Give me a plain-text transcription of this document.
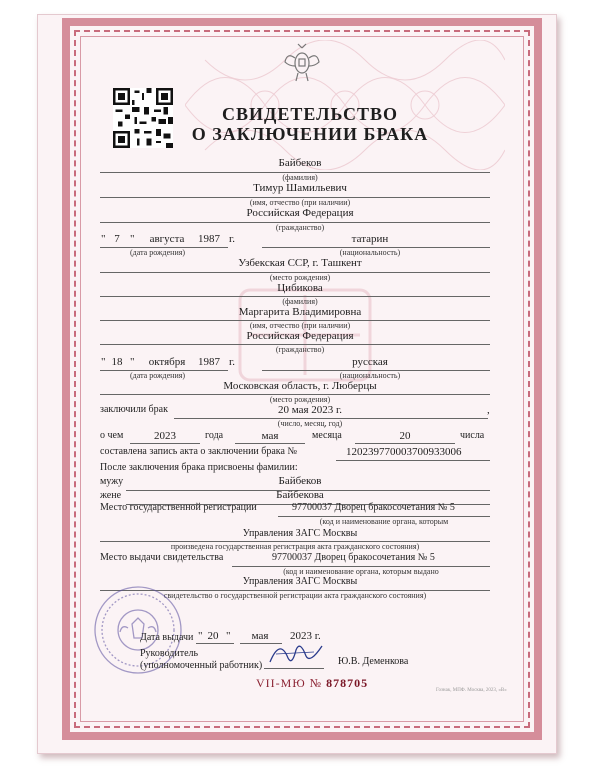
СВИДЕТЕЛЬСТВО
О ЗАКЛЮЧЕНИИ БРАКА
Байбеков
(фамилия)
Тимур Шамильевич
(имя, отчество (при наличии)
Российская Федерация
(гражданство)
" 7 "	августа	1987 г.
(дата рождения)
татарин
(национальность)
Узбекская ССР, г. Ташкент
(место рождения)
Цибикова
(фамилия)
Маргарита Владимировна
(имя, отчество (при наличии)
Российская Федерация
(гражданство)
" 18 "	октября	1987 г.
(дата рождения)
русская
(национальность)
Московская область, г. Люберцы
(место рождения)
заключили брак	20 мая 2023 г.	,
(число, месяц, год)
о чем	2023	года	мая	месяца	20	числа
составлена запись акта о заключении брака №	120239770003700933006
После заключения брака присвоены фамилии:
мужу	Байбеков
жене	Байбекова
Место государственной регистрации	97700037 Дворец бракосочетания № 5
(код и наименование органа, которым
Управления ЗАГС Москвы
произведена государственная регистрация акта гражданского состояния)
Место выдачи свидетельства	97700037 Дворец бракосочетания № 5
(код и наименование органа, которым выдано
Управления ЗАГС Москвы
свидетельство о государственной регистрации акта гражданского состояния)
Дата выдачи " 20 "	мая	2023 г.
Руководитель
(уполномоченный работник)	Ю.В. Деменкова
VII-МЮ № 878705
Гознак, МПФ. Москва, 2023, «В»
